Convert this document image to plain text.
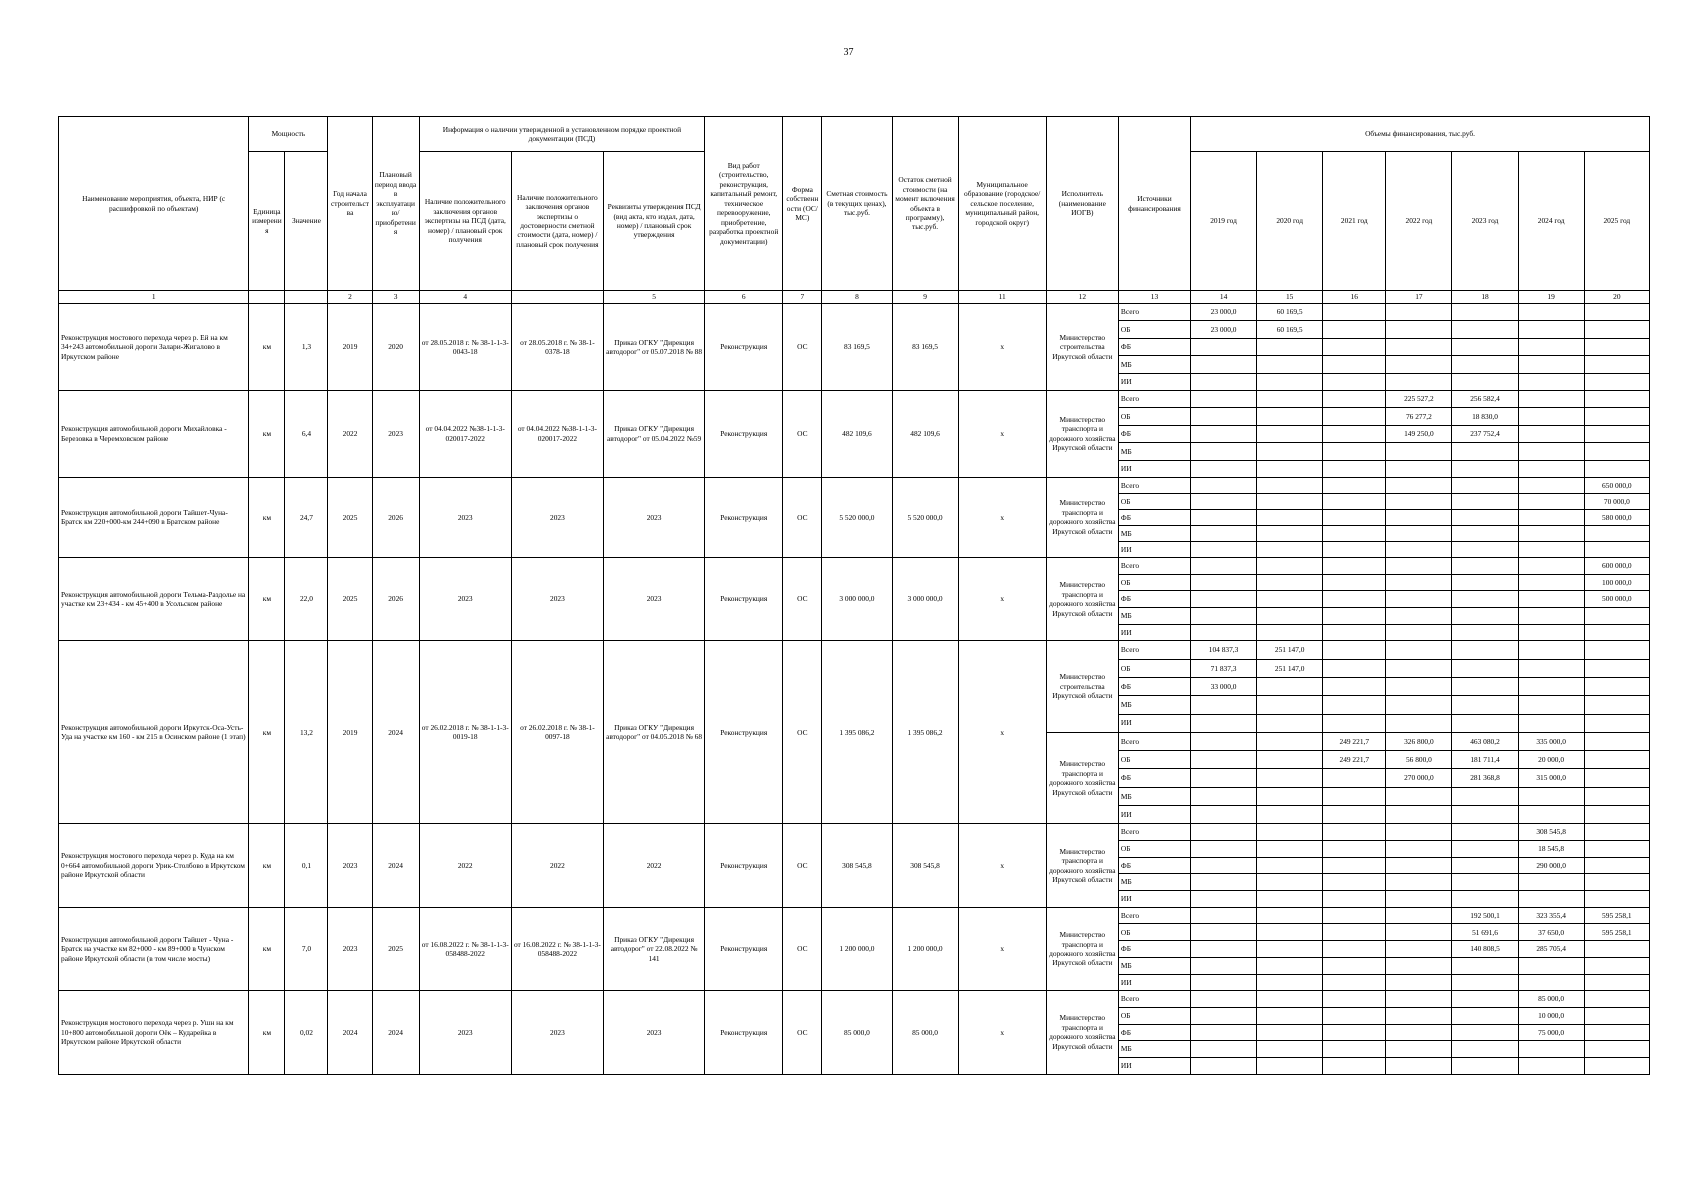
37
Наименование мероприятия, объекта, НИР (с расшифровкой по объектам)	Мощность		Год начала строительства	Плановый период ввода в эксплуатацию/приобретения	Информация о наличии утвержденной в установленном порядке проектной документации (ПСД)			Вид работ (строительство, реконструкция, капитальный ремонт, техническое перевооружение, приобретение, разработка проектной документации)	Форма собственности (ОС/МС)	Сметная стоимость (в текущих ценах), тыс.руб.	Остаток сметной стоимости (на момент включения объекта в программу), тыс.руб.	Муниципальное образование (городское/сельское поселение, муниципальный район, городской округ)	Исполнитель (наименование ИОГВ)	Источники финансирования	Объемы финансирования, тыс.руб.						
	Единица измерения	Значение			Наличие положительного заключения органов экспертизы на ПСД (дата, номер) / плановый срок получения	Наличие положительного заключения органов экспертизы о достоверности сметной стоимости (дата, номер) / плановый срок получения	Реквизиты утверждения ПСД (вид акта, кто издал, дата, номер) / плановый срок утверждения								2019 год	2020 год	2021 год	2022 год	2023 год	2024 год	2025 год
1			2	3	4		5	6	7	8	9	11	12	13	14	15	16	17	18	19	20
Реконструкция мостового перехода через р. Ей на км 34+243 автомобильной дороги Залари-Жигалово в Иркутском районе	км	1,3	2019	2020	от 28.05.2018 г. № 38-1-1-3-0043-18	от 28.05.2018 г. № 38-1-0378-18	Приказ ОГКУ "Дирекция автодорог" от 05.07.2018 № 88	Реконструкция	ОС	83 169,5	83 169,5	х	Министерство строительства Иркутской области	Всего	23 000,0	60 169,5					
														ОБ	23 000,0	60 169,5					
														ФБ							
														МБ							
														ИИ							
Реконструкция автомобильной дороги Михайловка - Березовка в Черемховском районе	км	6,4	2022	2023	от 04.04.2022 №38-1-1-3-020017-2022	от 04.04.2022 №38-1-1-3-020017-2022	Приказ ОГКУ "Дирекция автодорог" от 05.04.2022 №59	Реконструкция	ОС	482 109,6	482 109,6	х	Министерство транспорта и дорожного хозяйства Иркутской области	Всего				225 527,2	256 582,4		
														ОБ				76 277,2	18 830,0		
														ФБ				149 250,0	237 752,4		
														МБ							
														ИИ							
Реконструкция автомобильной дороги Тайшет-Чуна-Братск км 220+000-км 244+090 в Братском районе	км	24,7	2025	2026	2023	2023	2023	Реконструкция	ОС	5 520 000,0	5 520 000,0	х	Министерство транспорта и дорожного хозяйства Иркутской области	Всего							650 000,0
														ОБ							70 000,0
														ФБ							580 000,0
														МБ							
														ИИ							
Реконструкция автомобильной дороги Тельма-Раздолье на участке км 23+434 - км 45+400 в Усольском районе	км	22,0	2025	2026	2023	2023	2023	Реконструкция	ОС	3 000 000,0	3 000 000,0	х	Министерство транспорта и дорожного хозяйства Иркутской области	Всего							600 000,0
														ОБ							100 000,0
														ФБ							500 000,0
														МБ							
														ИИ							
Реконструкция автомобильной дороги Иркутск-Оса-Усть-Уда на участке км 160 - км 215 в Осинском районе (1 этап)	км	13,2	2019	2024	от 26.02.2018 г. № 38-1-1-3-0019-18	от 26.02.2018 г. № 38-1-0097-18	Приказ ОГКУ "Дирекция автодорог" от 04.05.2018 № 68	Реконструкция	ОС	1 395 086,2	1 395 086,2	х	Министерство строительства Иркутской области	Всего	104 837,3	251 147,0					
														ОБ	71 837,3	251 147,0					
														ФБ	33 000,0						
														МБ							
														ИИ							
													Министерство транспорта и дорожного хозяйства Иркутской области	Всего			249 221,7	326 800,0	463 080,2	335 000,0	
														ОБ			249 221,7	56 800,0	181 711,4	20 000,0	
														ФБ				270 000,0	281 368,8	315 000,0	
														МБ							
														ИИ							
Реконструкция мостового перехода через р. Куда на км 0+664 автомобильной дороги Урик-Столбово в Иркутском районе Иркутской области	км	0,1	2023	2024	2022	2022	2022	Реконструкция	ОС	308 545,8	308 545,8	х	Министерство транспорта и дорожного хозяйства Иркутской области	Всего						308 545,8	
														ОБ						18 545,8	
														ФБ						290 000,0	
														МБ							
														ИИ							
Реконструкция автомобильной дороги Тайшет - Чуна - Братск на участке км 82+000 - км 89+000 в Чунском районе Иркутской области (в том числе мосты)	км	7,0	2023	2025	от 16.08.2022 г. № 38-1-1-3-058488-2022	от 16.08.2022 г. № 38-1-1-3-058488-2022	Приказ ОГКУ "Дирекция автодорог" от 22.08.2022 № 141	Реконструкция	ОС	1 200 000,0	1 200 000,0	х	Министерство транспорта и дорожного хозяйства Иркутской области	Всего					192 500,1	323 355,4	595 258,1
														ОБ					51 691,6	37 650,0	595 258,1
														ФБ					140 808,5	285 705,4	
														МБ							
														ИИ							
Реконструкция мостового перехода через р. Ушн на км 10+800 автомобильной дороги Оёк – Кударейка в Иркутском районе Иркутской области	км	0,02	2024	2024	2023	2023	2023	Реконструкция	ОС	85 000,0	85 000,0	х	Министерство транспорта и дорожного хозяйства Иркутской области	Всего						85 000,0	
														ОБ						10 000,0	
														ФБ						75 000,0	
														МБ							
														ИИ							
